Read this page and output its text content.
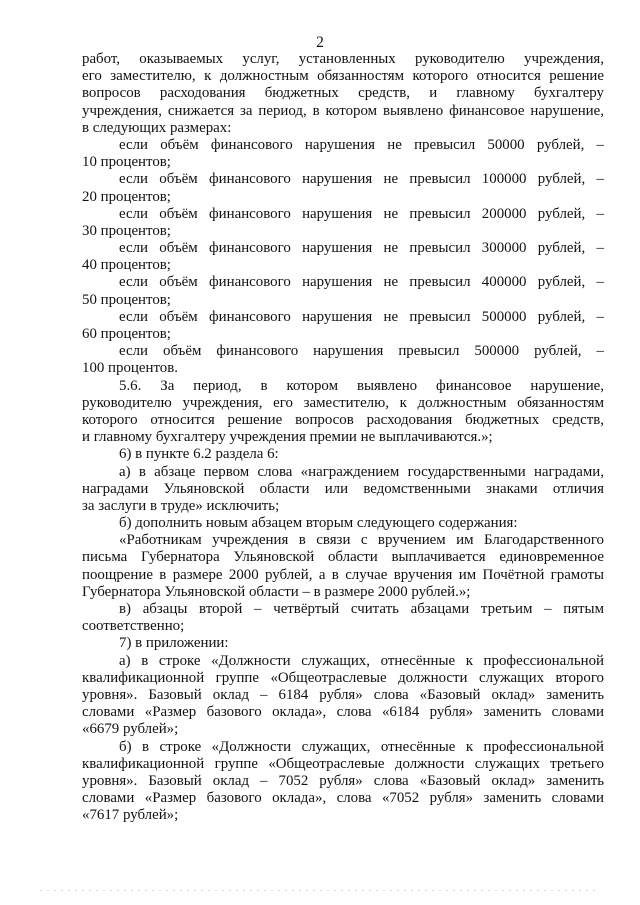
2
работ, оказываемых услуг, установленных руководителю учреждения,
его заместителю, к должностным обязанностям которого относится решение
вопросов расходования бюджетных средств, и главному бухгалтеру
учреждения, снижается за период, в котором выявлено финансовое нарушение,
в следующих размерах:
если объём финансового нарушения не превысил 50000 рублей, –
10 процентов;
если объём финансового нарушения не превысил 100000 рублей, –
20 процентов;
если объём финансового нарушения не превысил 200000 рублей, –
30 процентов;
если объём финансового нарушения не превысил 300000 рублей, –
40 процентов;
если объём финансового нарушения не превысил 400000 рублей, –
50 процентов;
если объём финансового нарушения не превысил 500000 рублей, –
60 процентов;
если объём финансового нарушения превысил 500000 рублей, –
100 процентов.
5.6. За период, в котором выявлено финансовое нарушение,
руководителю учреждения, его заместителю, к должностным обязанностям
которого относится решение вопросов расходования бюджетных средств,
и главному бухгалтеру учреждения премии не выплачиваются.»;
6) в пункте 6.2 раздела 6:
а) в абзаце первом слова «награждением государственными наградами,
наградами Ульяновской области или ведомственными знаками отличия
за заслуги в труде» исключить;
б) дополнить новым абзацем вторым следующего содержания:
«Работникам учреждения в связи с вручением им Благодарственного
письма Губернатора Ульяновской области выплачивается единовременное
поощрение в размере 2000 рублей, а в случае вручения им Почётной грамоты
Губернатора Ульяновской области – в размере 2000 рублей.»;
в) абзацы второй – четвёртый считать абзацами третьим – пятым
соответственно;
7) в приложении:
а) в строке «Должности служащих, отнесённые к профессиональной
квалификационной группе «Общеотраслевые должности служащих второго
уровня». Базовый оклад – 6184 рубля» слова «Базовый оклад» заменить
словами «Размер базового оклада», слова «6184 рубля» заменить словами
«6679 рублей»;
б) в строке «Должности служащих, отнесённые к профессиональной
квалификационной группе «Общеотраслевые должности служащих третьего
уровня». Базовый оклад – 7052 рубля» слова «Базовый оклад» заменить
словами «Размер базового оклада», слова «7052 рубля» заменить словами
«7617 рублей»;
